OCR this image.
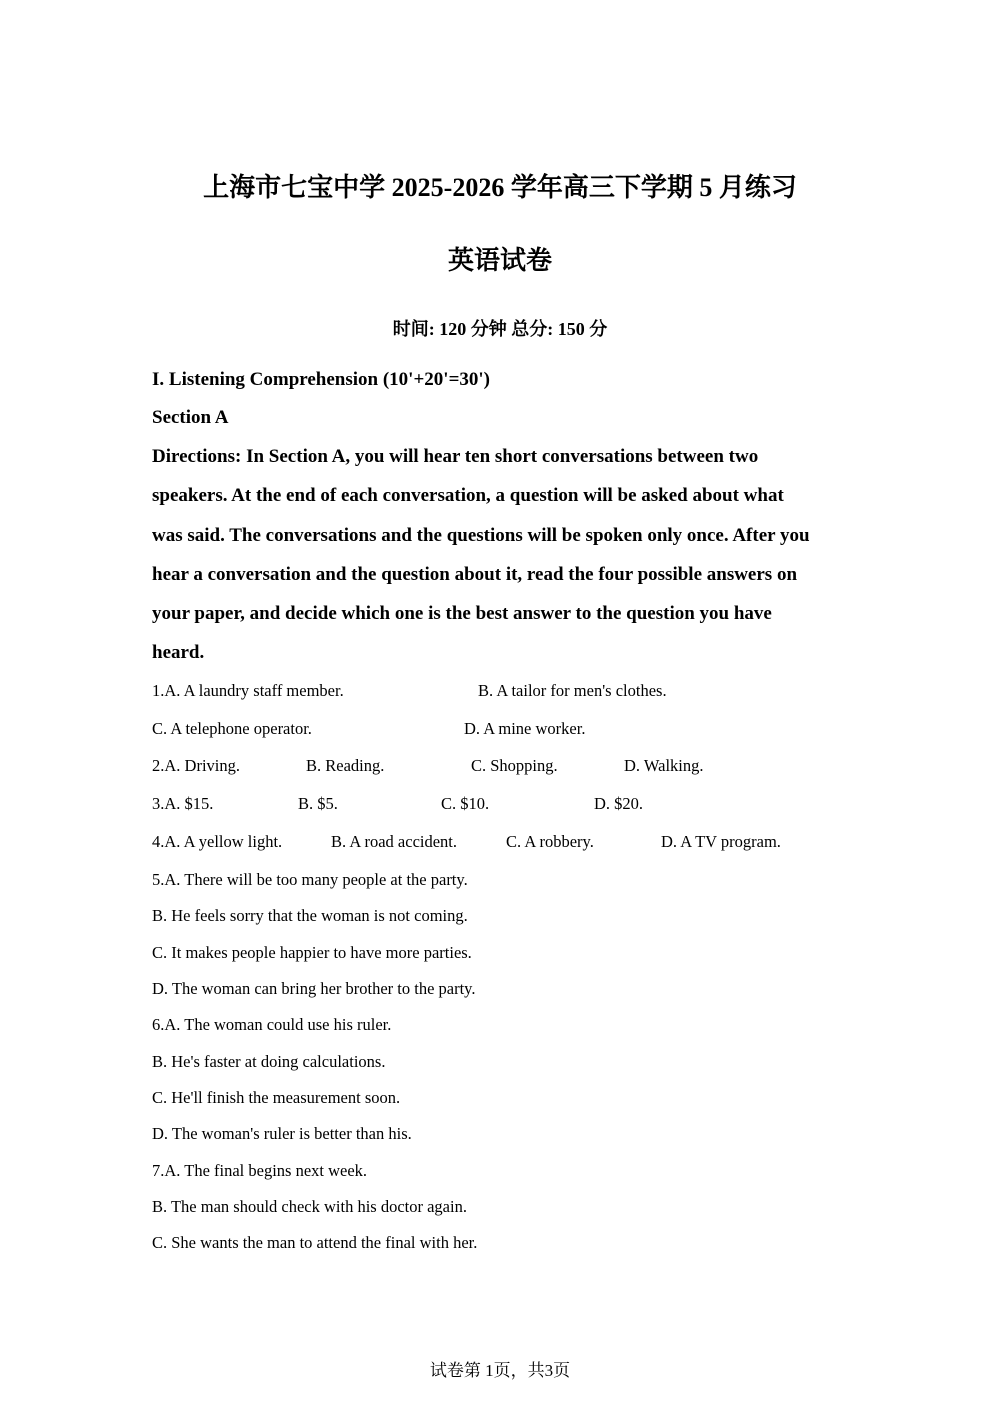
上海市七宝中学 2025-2026 学年高三下学期 5 月练习
英语试卷
时间: 120 分钟 总分: 150 分
I. Listening Comprehension (10'+20'=30')
Section A
Directions: In Section A, you will hear ten short conversations between two
speakers. At the end of each conversation, a question will be asked about what
was said. The conversations and the questions will be spoken only once. After you
hear a conversation and the question about it, read the four possible answers on
your paper, and decide which one is the best answer to the question you have
heard.
1.A. A laundry staff member.	B. A tailor for men's clothes.
C. A telephone operator.	D. A mine worker.
2.A. Driving.	B. Reading.	C. Shopping.	D. Walking.
3.A. $15.	B. $5.	C. $10.	D. $20.
4.A. A yellow light.	B. A road accident.	C. A robbery.	D. A TV program.
5.A. There will be too many people at the party.
B. He feels sorry that the woman is not coming.
C. It makes people happier to have more parties.
D. The woman can bring her brother to the party.
6.A. The woman could use his ruler.
B. He's faster at doing calculations.
C. He'll finish the measurement soon.
D. The woman's ruler is better than his.
7.A. The final begins next week.
B. The man should check with his doctor again.
C. She wants the man to attend the final with her.
试卷第 1页，共3页
